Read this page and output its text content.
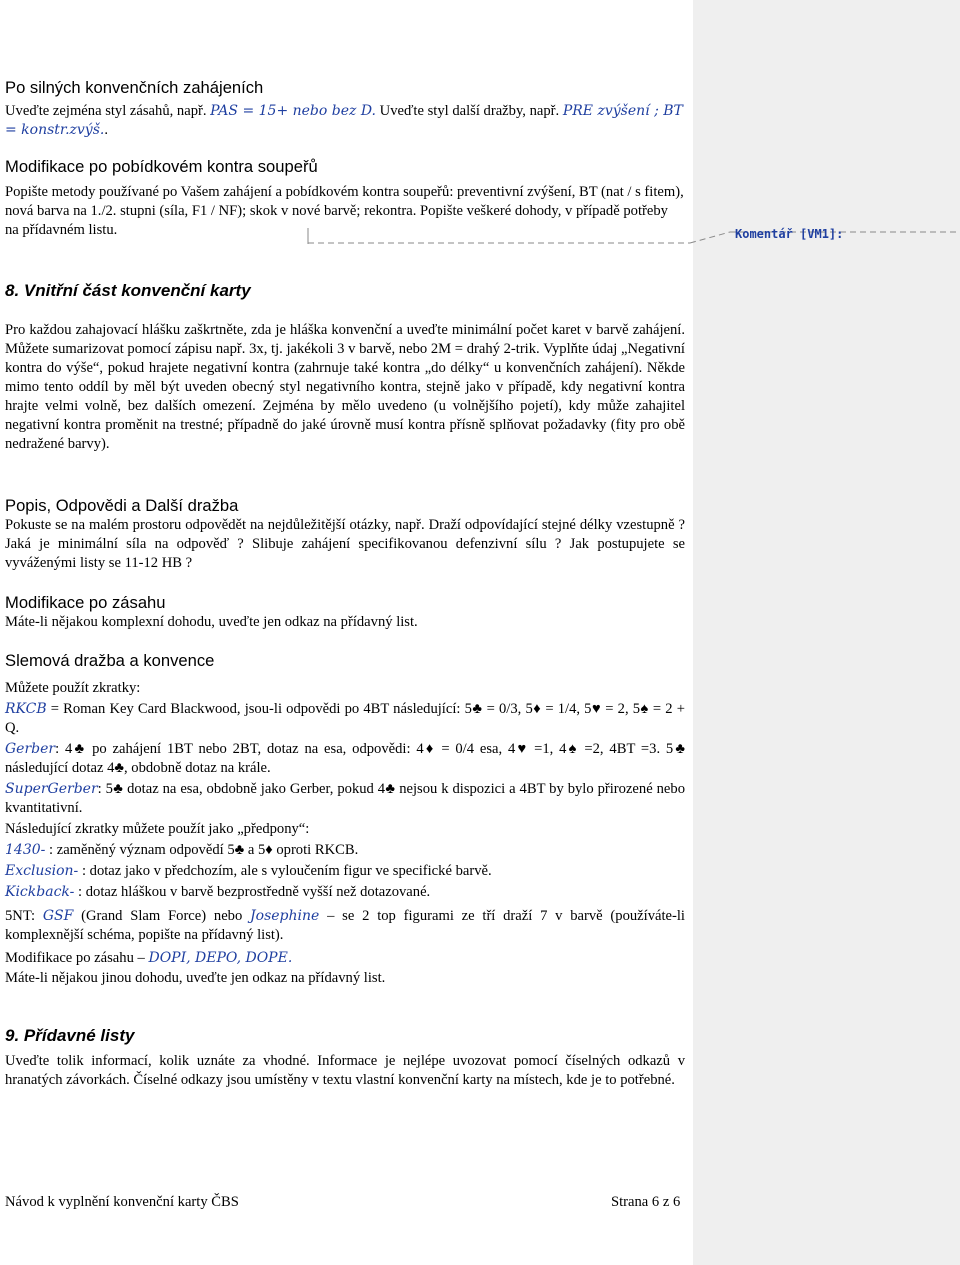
Komentář [VM1]:

Po silných konvenčních zahájeních

Uveďte zejména styl zásahů, např. PAS = 15+ nebo bez D. Uveďte styl další dražby, např. PRE zvýšení ; BT = konstr.zvýš..

Modifikace po pobídkovém kontra soupeřů

Popište metody používané po Vašem zahájení a pobídkovém kontra soupeřů: preventivní zvýšení, BT (nat / s fitem), nová barva na 1./2. stupni (síla, F1 / NF); skok v nové barvě; rekontra. Popište veškeré dohody, v případě potřeby na přídavném listu.

8. Vnitřní část konvenční karty

Pro každou zahajovací hlášku zaškrtněte, zda je hláška konvenční a uveďte minimální počet karet v barvě zahájení. Můžete sumarizovat pomocí zápisu např. 3x, tj. jakékoli 3 v barvě, nebo 2M = drahý 2-trik. Vyplňte údaj „Negativní kontra do výše“, pokud hrajete negativní kontra (zahrnuje také kontra „do délky“ u konvenčních zahájení). Někde mimo tento oddíl by měl být uveden obecný styl negativního kontra, stejně jako v případě, kdy negativní kontra hrajte velmi volně, bez dalších omezení. Zejména by mělo uvedeno (u volnějšího pojetí), kdy může zahajitel negativní kontra proměnit na trestné; případně do jaké úrovně musí kontra přísně splňovat požadavky (fity pro obě nedražené barvy).

Popis, Odpovědi a Další dražba

Pokuste se na malém prostoru odpovědět na nejdůležitější otázky, např. Draží odpovídající stejné délky vzestupně ? Jaká je minimální síla na odpověď ? Slibuje zahájení specifikovanou defenzivní sílu ? Jak postupujete se vyváženými listy se 11-12 HB ?

Modifikace po zásahu

Máte-li nějakou komplexní dohodu, uveďte jen odkaz na přídavný list.

Slemová dražba a konvence

Můžete použít zkratky:

RKCB = Roman Key Card Blackwood, jsou-li odpovědi po 4BT následující: 5♣ = 0/3, 5♦ = 1/4, 5♥ = 2, 5♠ = 2 + Q.

Gerber: 4♣ po zahájení 1BT nebo 2BT, dotaz na esa, odpovědi: 4♦ = 0/4 esa, 4♥ =1, 4♠ =2, 4BT =3. 5♣ následující dotaz 4♣, obdobně dotaz na krále.

SuperGerber: 5♣ dotaz na esa, obdobně jako Gerber, pokud 4♣ nejsou k dispozici a 4BT by bylo přirozené nebo kvantitativní.

Následující zkratky můžete použít jako „předpony“:

1430- : zaměněný význam odpovědí 5♣ a 5♦ oproti RKCB.

Exclusion- : dotaz jako v předchozím, ale s vyloučením figur ve specifické barvě.

Kickback- : dotaz hláškou v barvě bezprostředně vyšší než dotazované.

5NT: GSF (Grand Slam Force) nebo Josephine – se 2 top figurami ze tří draží 7 v barvě (používáte-li komplexnější schéma, popište na přídavný list).

Modifikace po zásahu – DOPI, DEPO, DOPE.

Máte-li nějakou jinou dohodu, uveďte jen odkaz na přídavný list.

9. Přídavné listy

Uveďte tolik informací, kolik uznáte za vhodné. Informace je nejlépe uvozovat pomocí číselných odkazů v hranatých závorkách. Číselné odkazy jsou umístěny v textu vlastní konvenční karty na místech, kde je to potřebné.

Návod k vyplnění konvenční karty ČBS	Strana 6 z 6
